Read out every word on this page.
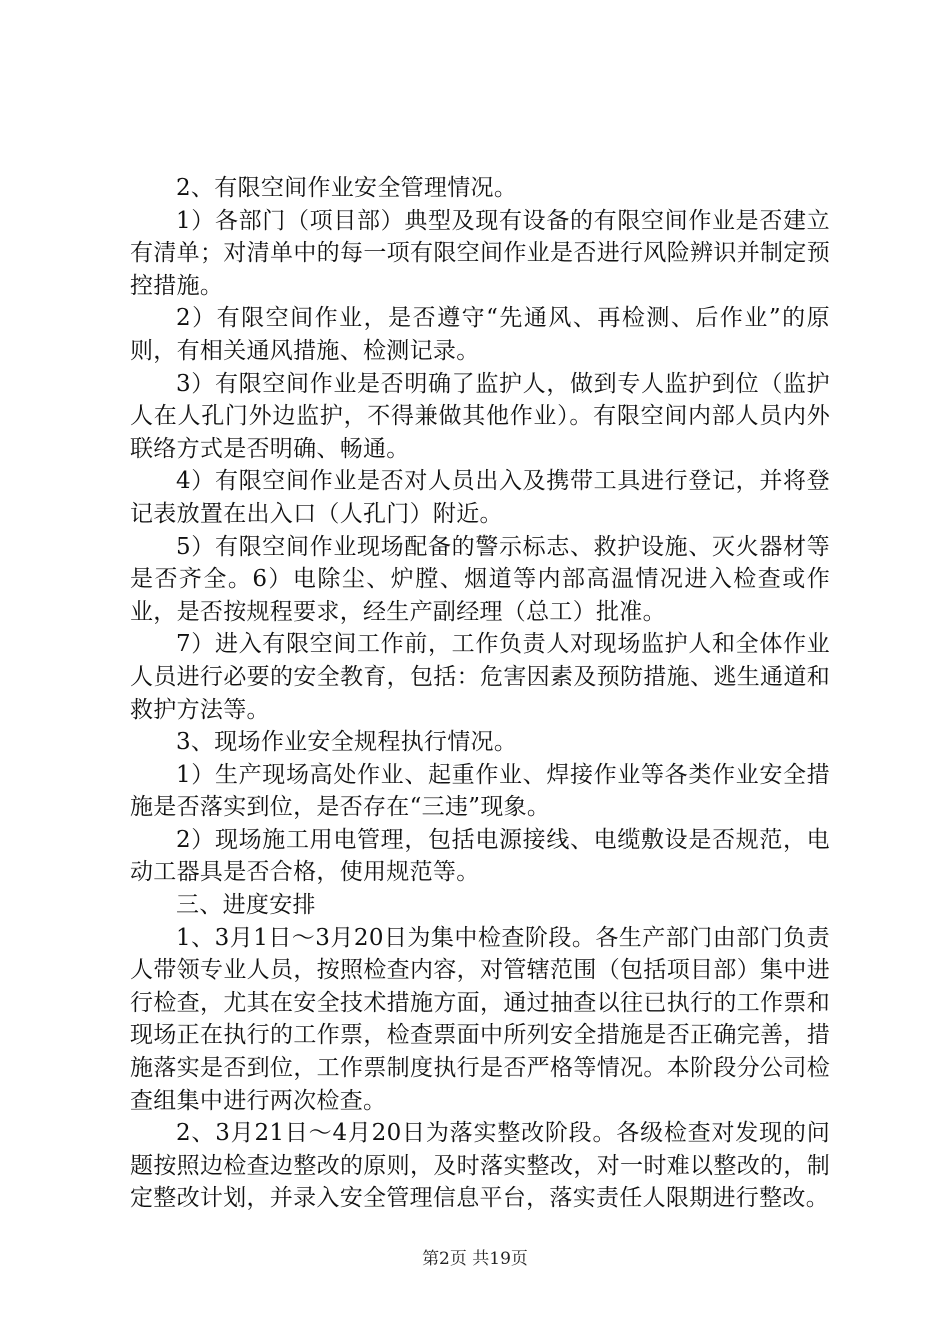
2、有限空间作业安全管理情况。

1）各部门（项目部）典型及现有设备的有限空间作业是否建立有清单；对清单中的每一项有限空间作业是否进行风险辨识并制定预控措施。

2）有限空间作业，是否遵守“先通风、再检测、后作业”的原则，有相关通风措施、检测记录。

3）有限空间作业是否明确了监护人，做到专人监护到位（监护人在人孔门外边监护，不得兼做其他作业）。有限空间内部人员内外联络方式是否明确、畅通。

4）有限空间作业是否对人员出入及携带工具进行登记，并将登记表放置在出入口（人孔门）附近。

5）有限空间作业现场配备的警示标志、救护设施、灭火器材等是否齐全。6）电除尘、炉膛、烟道等内部高温情况进入检查或作业，是否按规程要求，经生产副经理（总工）批准。

7）进入有限空间工作前，工作负责人对现场监护人和全体作业人员进行必要的安全教育，包括：危害因素及预防措施、逃生通道和救护方法等。

3、现场作业安全规程执行情况。

1）生产现场高处作业、起重作业、焊接作业等各类作业安全措施是否落实到位，是否存在“三违”现象。

2）现场施工用电管理，包括电源接线、电缆敷设是否规范，电动工器具是否合格，使用规范等。

三、进度安排

1、3月1日～3月20日为集中检查阶段。各生产部门由部门负责人带领专业人员，按照检查内容，对管辖范围（包括项目部）集中进行检查，尤其在安全技术措施方面，通过抽查以往已执行的工作票和现场正在执行的工作票，检查票面中所列安全措施是否正确完善，措施落实是否到位，工作票制度执行是否严格等情况。本阶段分公司检查组集中进行两次检查。

2、3月21日～4月20日为落实整改阶段。各级检查对发现的问题按照边检查边整改的原则，及时落实整改，对一时难以整改的，制定整改计划，并录入安全管理信息平台，落实责任人限期进行整改。

第2页 共19页
